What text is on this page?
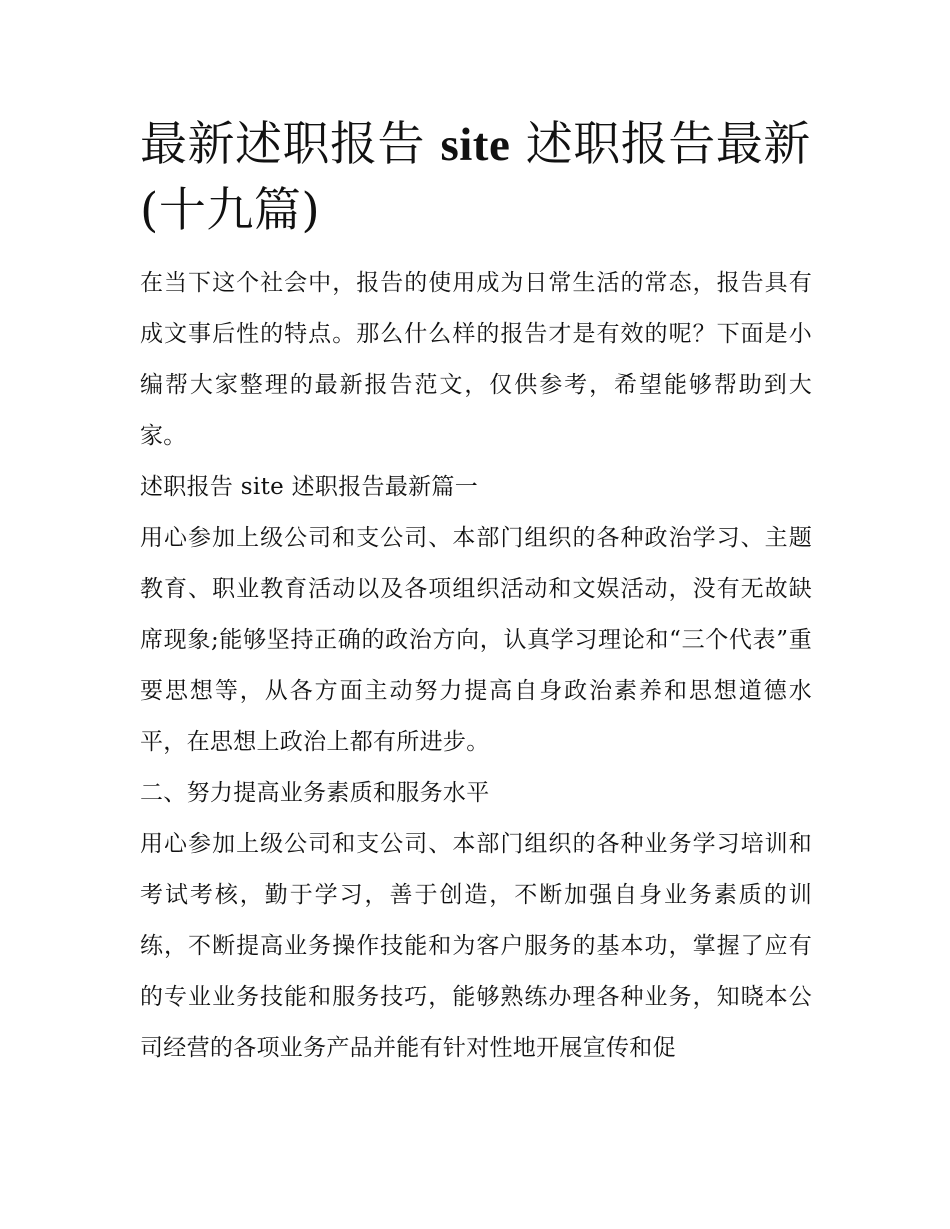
最新述职报告 site 述职报告最新(十九篇)

在当下这个社会中，报告的使用成为日常生活的常态，报告具有成文事后性的特点。那么什么样的报告才是有效的呢？下面是小编帮大家整理的最新报告范文，仅供参考，希望能够帮助到大家。

述职报告 site 述职报告最新篇一

用心参加上级公司和支公司、本部门组织的各种政治学习、主题教育、职业教育活动以及各项组织活动和文娱活动，没有无故缺席现象;能够坚持正确的政治方向，认真学习理论和“三个代表”重要思想等，从各方面主动努力提高自身政治素养和思想道德水平，在思想上政治上都有所进步。

二、努力提高业务素质和服务水平

用心参加上级公司和支公司、本部门组织的各种业务学习培训和考试考核，勤于学习，善于创造，不断加强自身业务素质的训练，不断提高业务操作技能和为客户服务的基本功，掌握了应有的专业业务技能和服务技巧，能够熟练办理各种业务，知晓本公司经营的各项业务产品并能有针对性地开展宣传和促
